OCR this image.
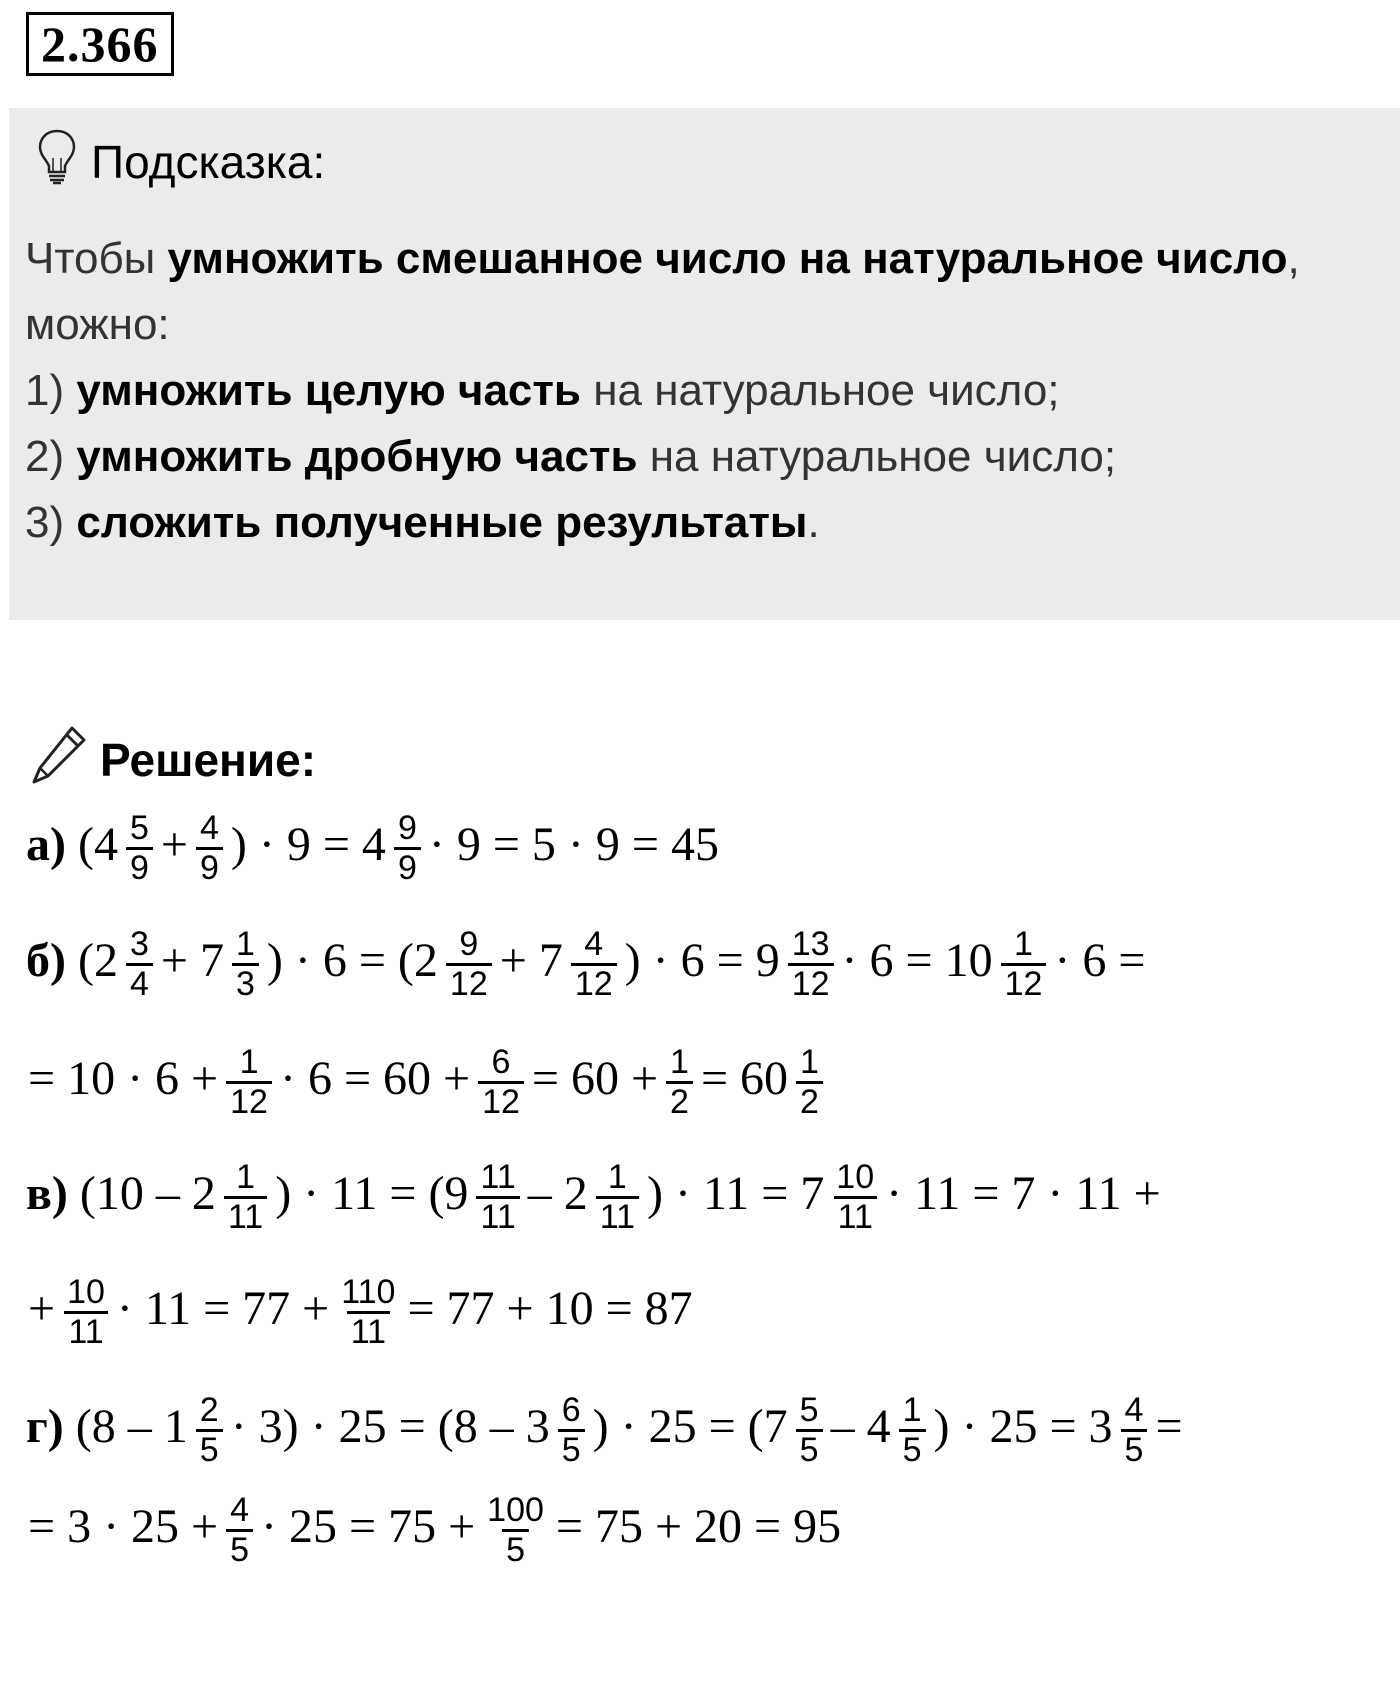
2.366
Подсказка:
Чтобы умножить смешанное число на натуральное число,
можно:
1) умножить целую часть на натуральное число;
2) умножить дробную часть на натуральное число;
3) сложить полученные результаты.
Решение:
а) ($4 \frac{5}{9} + \frac{4}{9}$ ) · $9 = 4 \frac{9}{9} \cdot 9 = 5 \cdot 9 = 45$
б) ($2 \frac{3}{4} + 7 \frac{1}{3}$ ) · $6 = (2 \frac{9}{12} + 7 \frac{4}{12}$ ) · $6 = 9 \frac{13}{12} \cdot 6 = 10 \frac{1}{12} \cdot 6$ =
= $10 \cdot 6 + \frac{1}{12} \cdot 6 = 60 + \frac{6}{12} = 60 + \frac{1}{2} = 60 \frac{1}{2}$
в) ($10 - 2 \frac{1}{11}$ ) · $11 = (9 \frac{11}{11} - 2 \frac{1}{11}$ ) · $11 = 7 \frac{10}{11} \cdot 11 = 7 \cdot 11$ +
+ $\frac{10}{11} \cdot 11 = 77 + \frac{110}{11} = 77 + 10 = 87$
г) $(8 - 1 \frac{2}{5} \cdot 3) \cdot 25 = (8 - 3 \frac{6}{5}$ ) · $25 = (7 \frac{5}{5} - 4 \frac{1}{5}$ ) · $25 = 3 \frac{4}{5}$ =
= $3 \cdot 25 + \frac{4}{5} \cdot 25 = 75 + \frac{100}{5} = 75 + 20 = 95$
